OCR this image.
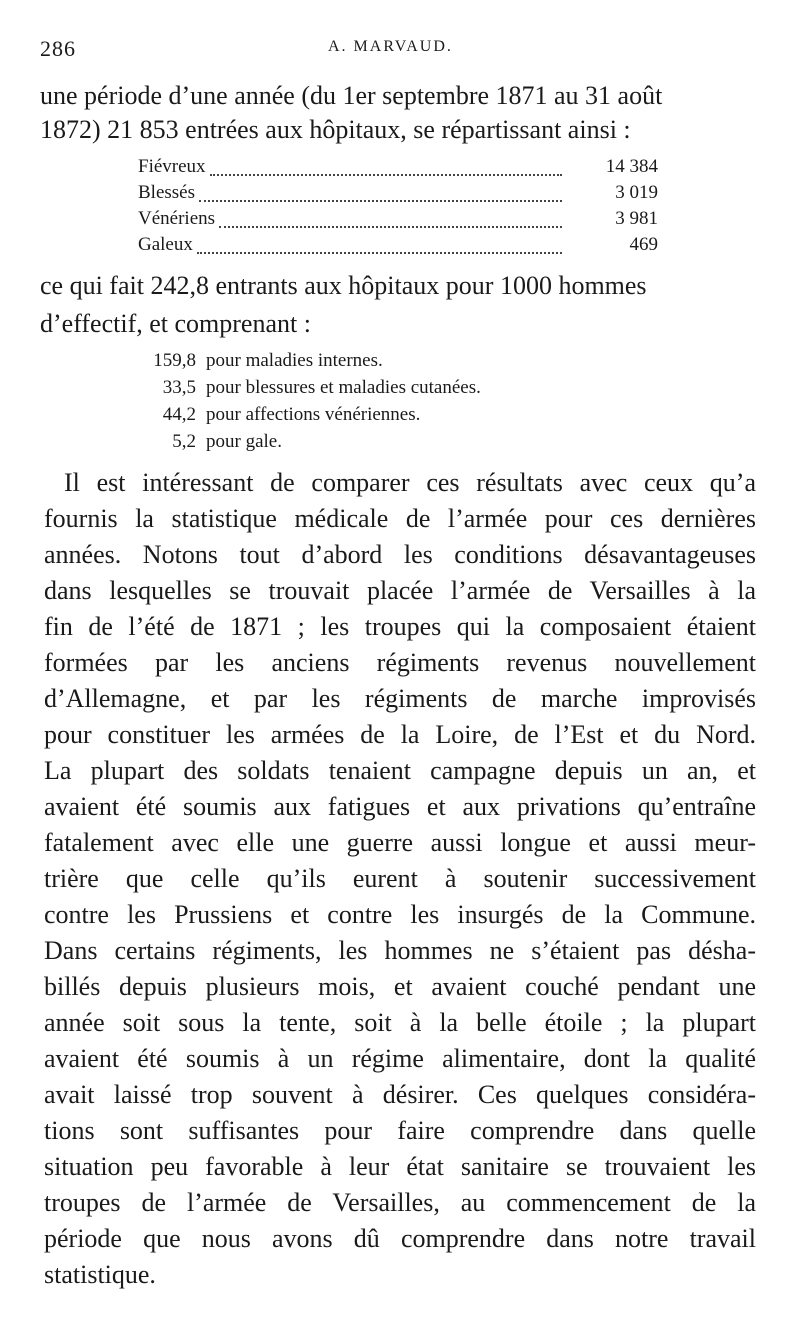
286	A. MARVAUD.
une période d’une année (du 1er septembre 1871 au 31 août
1872) 21 853 entrées aux hôpitaux, se répartissant ainsi :
Fiévreux	14 384
Blessés	3 019
Vénériens	3 981
Galeux	469
ce qui fait 242,8 entrants aux hôpitaux pour 1000 hommes
d’effectif, et comprenant :
159,8 pour maladies internes.
33,5 pour blessures et maladies cutanées.
44,2 pour affections vénériennes.
5,2 pour gale.
Il est intéressant de comparer ces résultats avec ceux qu’a
fournis la statistique médicale de l’armée pour ces dernières
années. Notons tout d’abord les conditions désavantageuses
dans lesquelles se trouvait placée l’armée de Versailles à la
fin de l’été de 1871 ; les troupes qui la composaient étaient
formées par les anciens régiments revenus nouvellement
d’Allemagne, et par les régiments de marche improvisés
pour constituer les armées de la Loire, de l’Est et du Nord.
La plupart des soldats tenaient campagne depuis un an, et
avaient été soumis aux fatigues et aux privations qu’entraîne
fatalement avec elle une guerre aussi longue et aussi meur-
trière que celle qu’ils eurent à soutenir successivement
contre les Prussiens et contre les insurgés de la Commune.
Dans certains régiments, les hommes ne s’étaient pas désha-
billés depuis plusieurs mois, et avaient couché pendant une
année soit sous la tente, soit à la belle étoile ; la plupart
avaient été soumis à un régime alimentaire, dont la qualité
avait laissé trop souvent à désirer. Ces quelques considéra-
tions sont suffisantes pour faire comprendre dans quelle
situation peu favorable à leur état sanitaire se trouvaient les
troupes de l’armée de Versailles, au commencement de la
période que nous avons dû comprendre dans notre travail
statistique.
